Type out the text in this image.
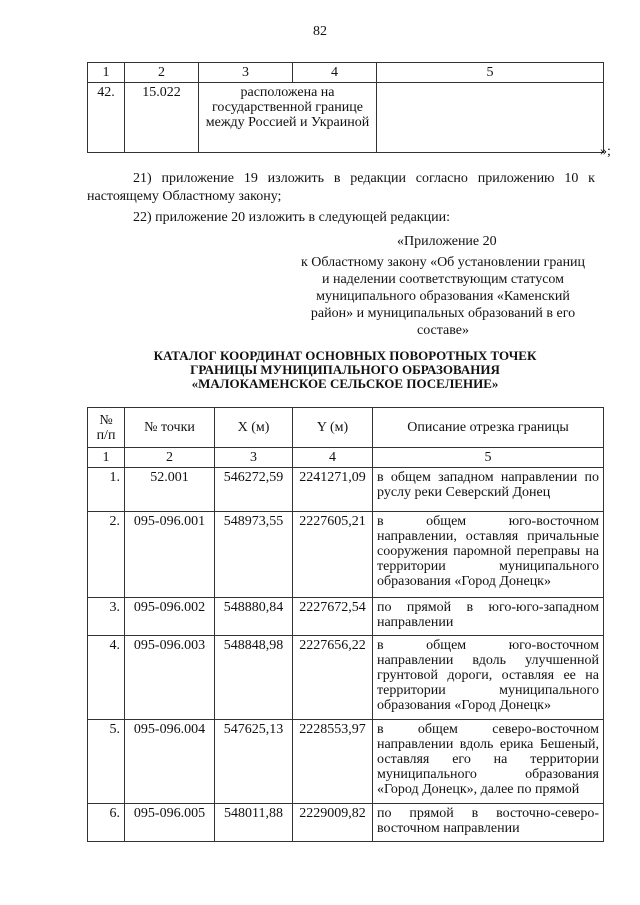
82
1	2	3	4	5
42.	15.022	расположена на государственной границе между Россией и Украиной		
»;
21) приложение 19 изложить в редакции согласно приложению 10 к настоящему Областному закону;
22) приложение 20 изложить в следующей редакции:
«Приложение 20
к Областному закону «Об установлении границ и наделении соответствующим статусом муниципального образования «Каменский район» и муниципальных образований в его составе»
КАТАЛОГ КООРДИНАТ ОСНОВНЫХ ПОВОРОТНЫХ ТОЧЕК
ГРАНИЦЫ МУНИЦИПАЛЬНОГО ОБРАЗОВАНИЯ
«МАЛОКАМЕНСКОЕ СЕЛЬСКОЕ ПОСЕЛЕНИЕ»
№ п/п	№ точки	X (м)	Y (м)	Описание отрезка границы
1	2	3	4	5
1.	52.001	546272,59	2241271,09	в общем западном направлении по руслу реки Северский Донец
2.	095-096.001	548973,55	2227605,21	в общем юго-восточном направлении, оставляя причальные сооружения паромной переправы на территории муниципального образования «Город Донецк»
3.	095-096.002	548880,84	2227672,54	по прямой в юго-юго-западном направлении
4.	095-096.003	548848,98	2227656,22	в общем юго-восточном направлении вдоль улучшенной грунтовой дороги, оставляя ее на территории муниципального образования «Город Донецк»
5.	095-096.004	547625,13	2228553,97	в общем северо-восточном направлении вдоль ерика Бешеный, оставляя его на территории муниципального образования «Город Донецк», далее по прямой
6.	095-096.005	548011,88	2229009,82	по прямой в восточно-северо-восточном направлении
